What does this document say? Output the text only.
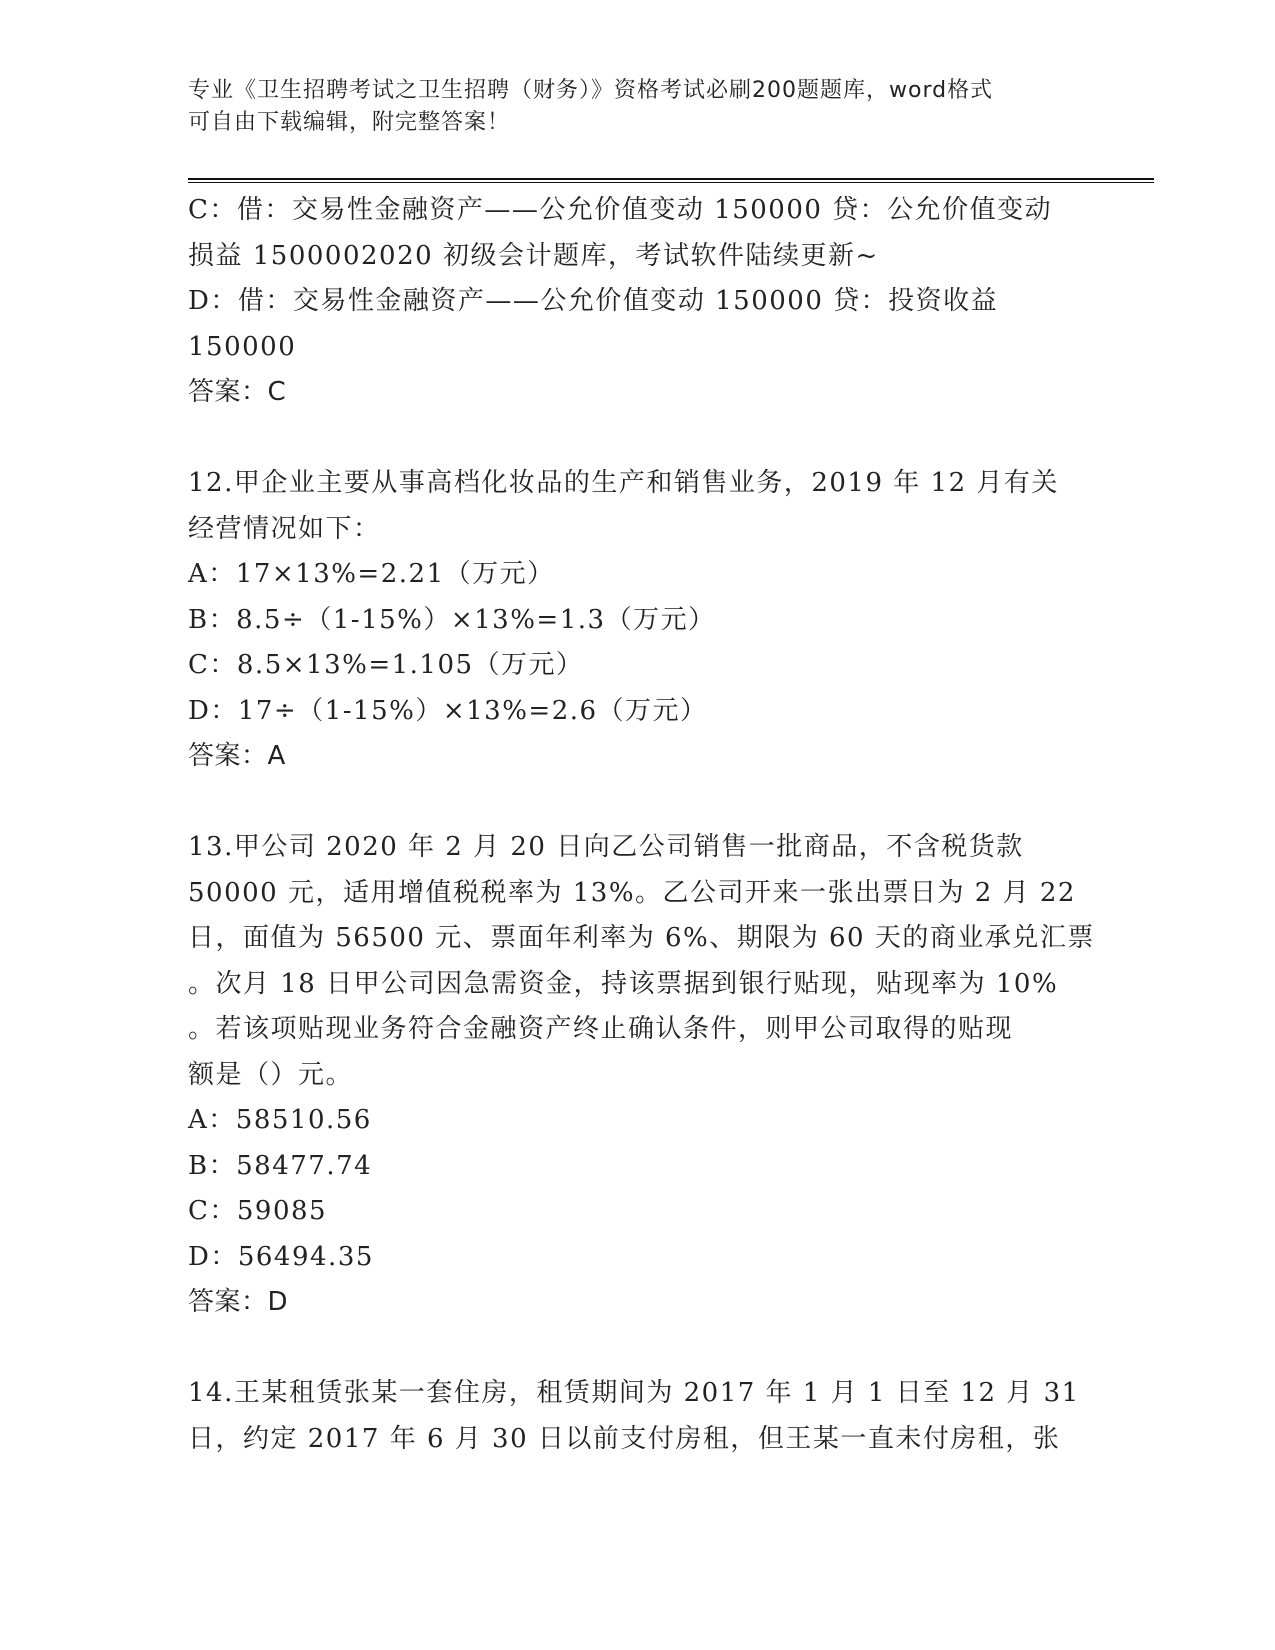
专业《卫生招聘考试之卫生招聘（财务）》资格考试必刷200题题库，word格式
可自由下载编辑，附完整答案！
C：借：交易性金融资产——公允价值变动 150000 贷：公允价值变动
损益 1500002020 初级会计题库，考试软件陆续更新~
D：借：交易性金融资产——公允价值变动 150000 贷：投资收益
150000
答案：C
12.甲企业主要从事高档化妆品的生产和销售业务，2019 年 12 月有关
经营情况如下：
A：17×13%=2.21（万元）
B：8.5÷（1-15%）×13%=1.3（万元）
C：8.5×13%=1.105（万元）
D：17÷（1-15%）×13%=2.6（万元）
答案：A
13.甲公司 2020 年 2 月 20 日向乙公司销售一批商品，不含税货款
50000 元，适用增值税税率为 13%。乙公司开来一张出票日为 2 月 22
日，面值为 56500 元、票面年利率为 6%、期限为 60 天的商业承兑汇票
。次月 18 日甲公司因急需资金，持该票据到银行贴现，贴现率为 10%
。若该项贴现业务符合金融资产终止确认条件，则甲公司取得的贴现
额是（）元。
A：58510.56
B：58477.74
C：59085
D：56494.35
答案：D
14.王某租赁张某一套住房，租赁期间为 2017 年 1 月 1 日至 12 月 31
日，约定 2017 年 6 月 30 日以前支付房租，但王某一直未付房租，张
